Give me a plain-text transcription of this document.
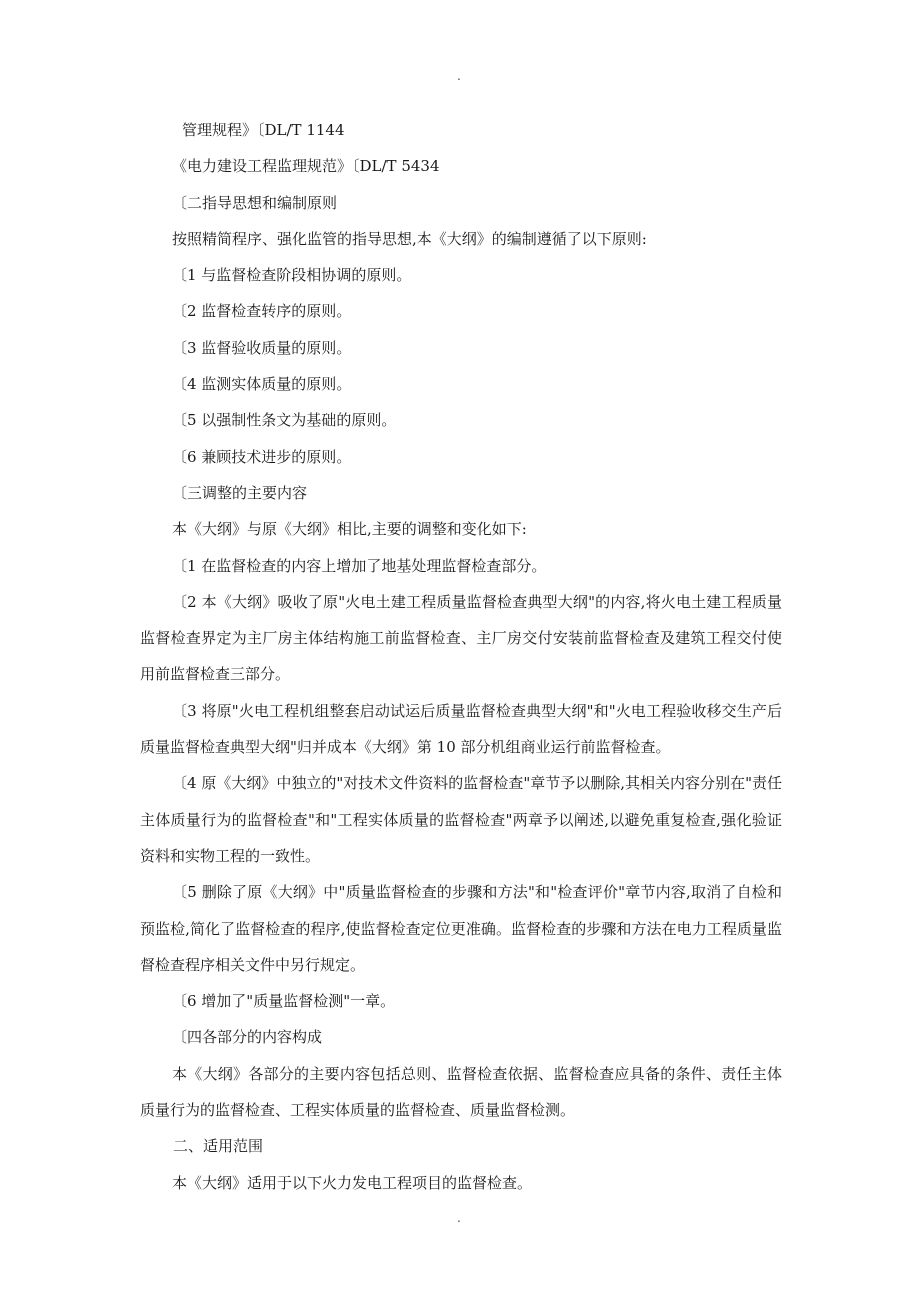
.
管理规程》〔DL/T 1144
《电力建设工程监理规范》〔DL/T 5434
〔二指导思想和编制原则
按照精简程序、强化监管的指导思想,本《大纲》的编制遵循了以下原则:
〔1 与监督检查阶段相协调的原则。
〔2 监督检查转序的原则。
〔3 监督验收质量的原则。
〔4 监测实体质量的原则。
〔5 以强制性条文为基础的原则。
〔6 兼顾技术进步的原则。
〔三调整的主要内容
本《大纲》与原《大纲》相比,主要的调整和变化如下:
〔1 在监督检查的内容上增加了地基处理监督检查部分。
〔2 本《大纲》吸收了原"火电土建工程质量监督检查典型大纲"的内容,将火电土建工程质量监督检查界定为主厂房主体结构施工前监督检查、主厂房交付安装前监督检查及建筑工程交付使用前监督检查三部分。
〔3 将原"火电工程机组整套启动试运后质量监督检查典型大纲"和"火电工程验收移交生产后质量监督检查典型大纲"归并成本《大纲》第 10 部分机组商业运行前监督检查。
〔4 原《大纲》中独立的"对技术文件资料的监督检查"章节予以删除,其相关内容分别在"责任主体质量行为的监督检查"和"工程实体质量的监督检查"两章予以阐述,以避免重复检查,强化验证资料和实物工程的一致性。
〔5 删除了原《大纲》中"质量监督检查的步骤和方法"和"检查评价"章节内容,取消了自检和预监检,简化了监督检查的程序,使监督检查定位更准确。监督检查的步骤和方法在电力工程质量监督检查程序相关文件中另行规定。
〔6 增加了"质量监督检测"一章。
〔四各部分的内容构成
本《大纲》各部分的主要内容包括总则、监督检查依据、监督检查应具备的条件、责任主体质量行为的监督检查、工程实体质量的监督检查、质量监督检测。
二、适用范围
本《大纲》适用于以下火力发电工程项目的监督检查。
.
